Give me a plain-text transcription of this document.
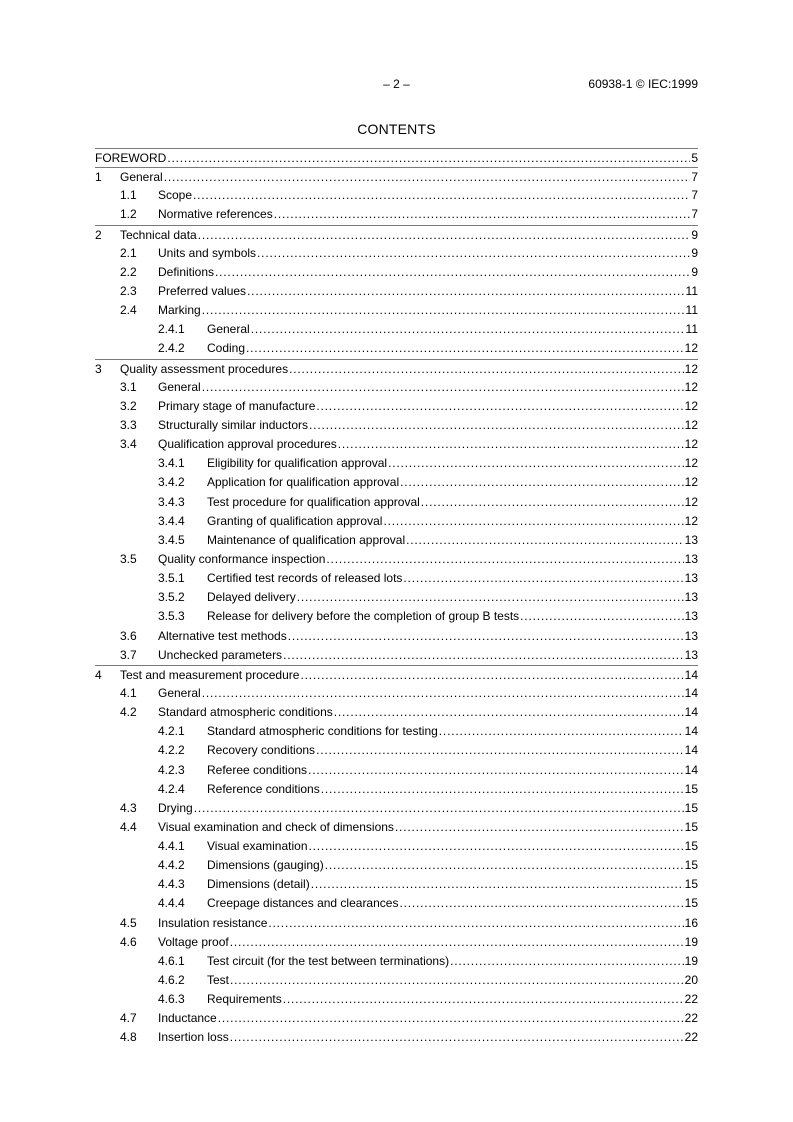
– 2 –	60938-1 © IEC:1999
CONTENTS
FOREWORD .....	5
1 General .....	7
1.1 Scope .....	7
1.2 Normative references .....	7
2 Technical data .....	9
2.1 Units and symbols .....	9
2.2 Definitions .....	9
2.3 Preferred values .....	11
2.4 Marking .....	11
2.4.1 General .....	11
2.4.2 Coding .....	12
3 Quality assessment procedures .....	12
3.1 General .....	12
3.2 Primary stage of manufacture .....	12
3.3 Structurally similar inductors .....	12
3.4 Qualification approval procedures .....	12
3.4.1 Eligibility for qualification approval .....	12
3.4.2 Application for qualification approval .....	12
3.4.3 Test procedure for qualification approval .....	12
3.4.4 Granting of qualification approval .....	12
3.4.5 Maintenance of qualification approval .....	13
3.5 Quality conformance inspection .....	13
3.5.1 Certified test records of released lots .....	13
3.5.2 Delayed delivery .....	13
3.5.3 Release for delivery before the completion of group B tests .....	13
3.6 Alternative test methods .....	13
3.7 Unchecked parameters .....	13
4 Test and measurement procedure .....	14
4.1 General .....	14
4.2 Standard atmospheric conditions .....	14
4.2.1 Standard atmospheric conditions for testing .....	14
4.2.2 Recovery conditions .....	14
4.2.3 Referee conditions .....	14
4.2.4 Reference conditions .....	15
4.3 Drying .....	15
4.4 Visual examination and check of dimensions .....	15
4.4.1 Visual examination .....	15
4.4.2 Dimensions (gauging) .....	15
4.4.3 Dimensions (detail) .....	15
4.4.4 Creepage distances and clearances .....	15
4.5 Insulation resistance .....	16
4.6 Voltage proof .....	19
4.6.1 Test circuit (for the test between terminations) .....	19
4.6.2 Test .....	20
4.6.3 Requirements .....	22
4.7 Inductance .....	22
4.8 Insertion loss .....	22
